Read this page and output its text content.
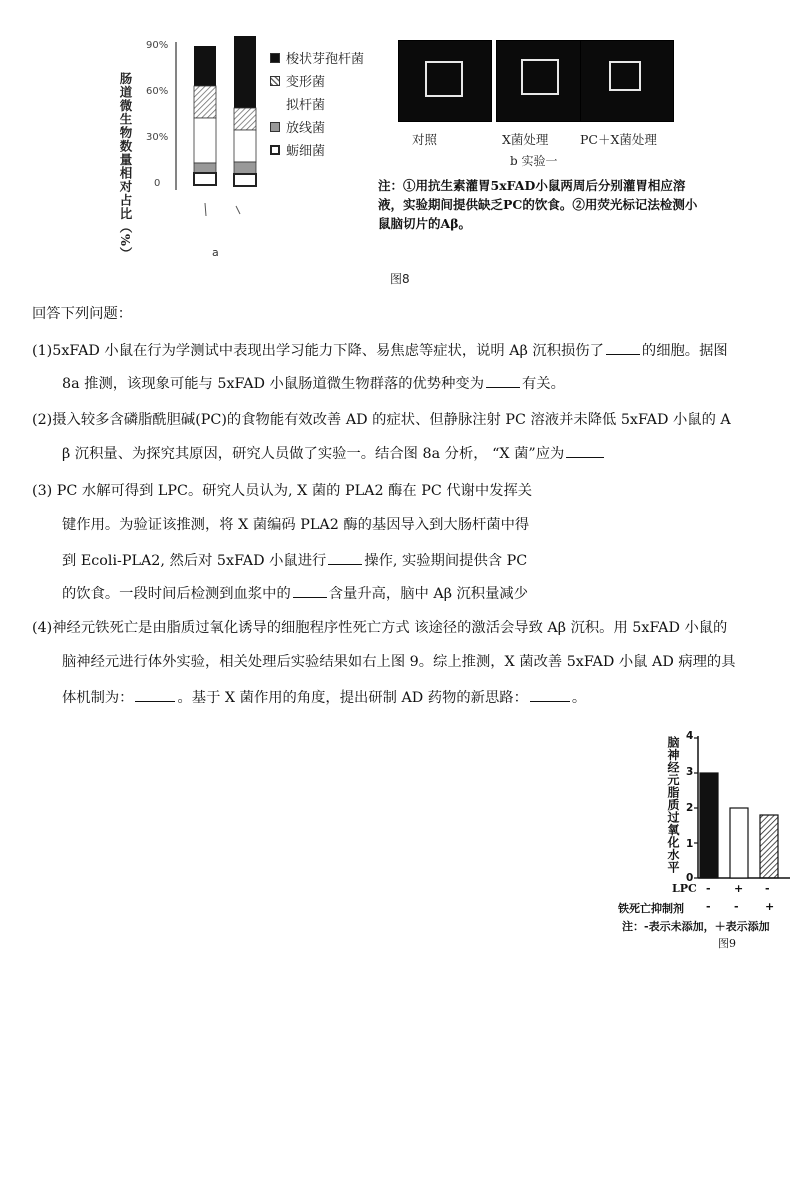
肠道微生物数量相对占比（%）
90%
60%
30%
0
a
梭状芽孢杆菌
变形菌
拟杆菌
放线菌
蛎细菌
对照	X菌处理	PC＋X菌处理
b 实验一
注：①用抗生素灌胃5xFAD小鼠两周后分别灌胃相应溶液，实验期间提供缺乏PC的饮食。②用荧光标记法检测小鼠脑切片的Aβ。
图8
回答下列问题：
(1)5xFAD 小鼠在行为学测试中表现出学习能力下降、易焦虑等症状，说明 Aβ 沉积损伤了	的细胞。据图
8a 推测，该现象可能与 5xFAD 小鼠肠道微生物群落的优势种变为	有关。
(2)摄入较多含磷脂酰胆碱(PC)的食物能有效改善 AD 的症状、但静脉注射 PC 溶液并未降低 5xFAD 小鼠的 A
β 沉积量、为探究其原因，研究人员做了实验一。结合图 8a 分析， “X 菌”应为
(3) PC 水解可得到 LPC。研究人员认为, X 菌的 PLA2 酶在 PC 代谢中发挥关
键作用。为验证该推测，将 X 菌编码 PLA2 酶的基因导入到大肠杆菌中得
到 Ecoli-PLA2, 然后对 5xFAD 小鼠进行	操作, 实验期间提供含 PC
的饮食。一段时间后检测到血浆中的	含量升高，脑中 Aβ 沉积量减少
(4)神经元铁死亡是由脂质过氧化诱导的细胞程序性死亡方式 该途径的激活会导致 Aβ 沉积。用 5xFAD 小鼠的
脑神经元进行体外实验，相关处理后实验结果如右上图 9。综上推测，X 菌改善 5xFAD 小鼠 AD 病理的具
体机制为：	。基于 X 菌作用的角度，提出研制 AD 药物的新思路：	。
脑神经元脂质过氧化水平 4
3
2
1
0
LPC - + -
铁死亡抑制剂 - - +
注：-表示未添加，＋表示添加
图9
